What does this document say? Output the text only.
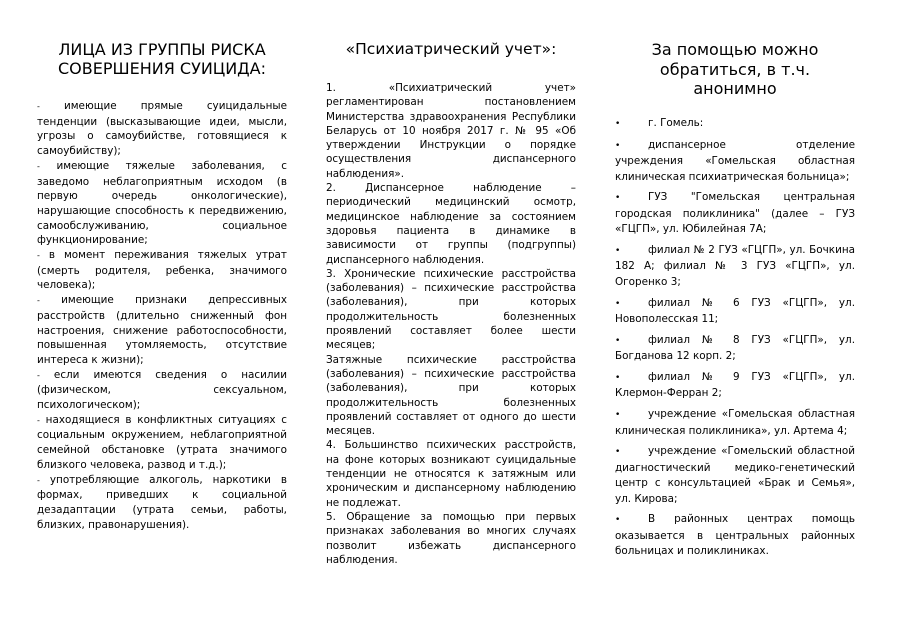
ЛИЦА ИЗ ГРУППЫ РИСКА
СОВЕРШЕНИЯ СУИЦИДА:

- имеющие прямые суицидальные тенденции (высказывающие идеи, мысли, угрозы о самоубийстве, готовящиеся к самоубийству);

- имеющие тяжелые заболевания, с заведомо неблагоприятным исходом (в первую очередь онкологические), нарушающие способность к передвижению, самообслуживанию, социальное функционирование;

- в момент переживания тяжелых утрат (смерть родителя, ребенка, значимого человека);

- имеющие признаки депрессивных расстройств (длительно сниженный фон настроения, снижение работоспособности, повышенная утомляемость, отсутствие интереса к жизни);

- если имеются сведения о насилии (физическом, сексуальном, психологическом);

- находящиеся в конфликтных ситуациях с социальным окружением, неблагоприятной семейной обстановке (утрата значимого близкого человека, развод и т.д.);

- употребляющие алкоголь, наркотики в формах, приведших к социальной дезадаптации (утрата семьи, работы, близких, правонарушения).

«Психиатрический учет»:

1. «Психиатрический учет» регламентирован постановлением Министерства здравоохранения Республики Беларусь от 10 ноября 2017 г. № 95 «Об утверждении Инструкции о порядке осуществления диспансерного наблюдения».

2. Диспансерное наблюдение – периодический медицинский осмотр, медицинское наблюдение за состоянием здоровья пациента в динамике в зависимости от группы (подгруппы) диспансерного наблюдения.

3. Хронические психические расстройства (заболевания) – психические расстройства (заболевания), при которых продолжительность болезненных проявлений составляет более шести месяцев;

Затяжные психические расстройства (заболевания) – психические расстройства (заболевания), при которых продолжительность болезненных проявлений составляет от одного до шести месяцев.

4. Большинство психических расстройств, на фоне которых возникают суицидальные тенденции не относятся к затяжным или хроническим и диспансерному наблюдению не подлежат.

5. Обращение за помощью при первых признаках заболевания во многих случаях позволит избежать диспансерного наблюдения.

За помощью можно
обратиться, в т.ч.
анонимно

•	г. Гомель:

•	диспансерное отделение учреждения «Гомельская областная клиническая психиатрическая больница»;

•	ГУЗ "Гомельская центральная городская поликлиника" (далее – ГУЗ «ГЦГП», ул. Юбилейная 7А;

•	филиал № 2 ГУЗ «ГЦГП», ул. Бочкина 182 А; филиал № 3 ГУЗ «ГЦГП», ул. Огоренко 3;

•	филиал № 6 ГУЗ «ГЦГП», ул. Новополесская 11;

•	филиал № 8 ГУЗ «ГЦГП», ул. Богданова 12 корп. 2;

•	филиал № 9 ГУЗ «ГЦГП», ул. Клермон-Ферран 2;

•	учреждение «Гомельская областная клиническая поликлиника», ул. Артема 4;

•	учреждение «Гомельский областной диагностический медико-генетический центр с консультацией «Брак и Семья», ул. Кирова;

•	В районных центрах помощь оказывается в центральных районных больницах и поликлиниках.
